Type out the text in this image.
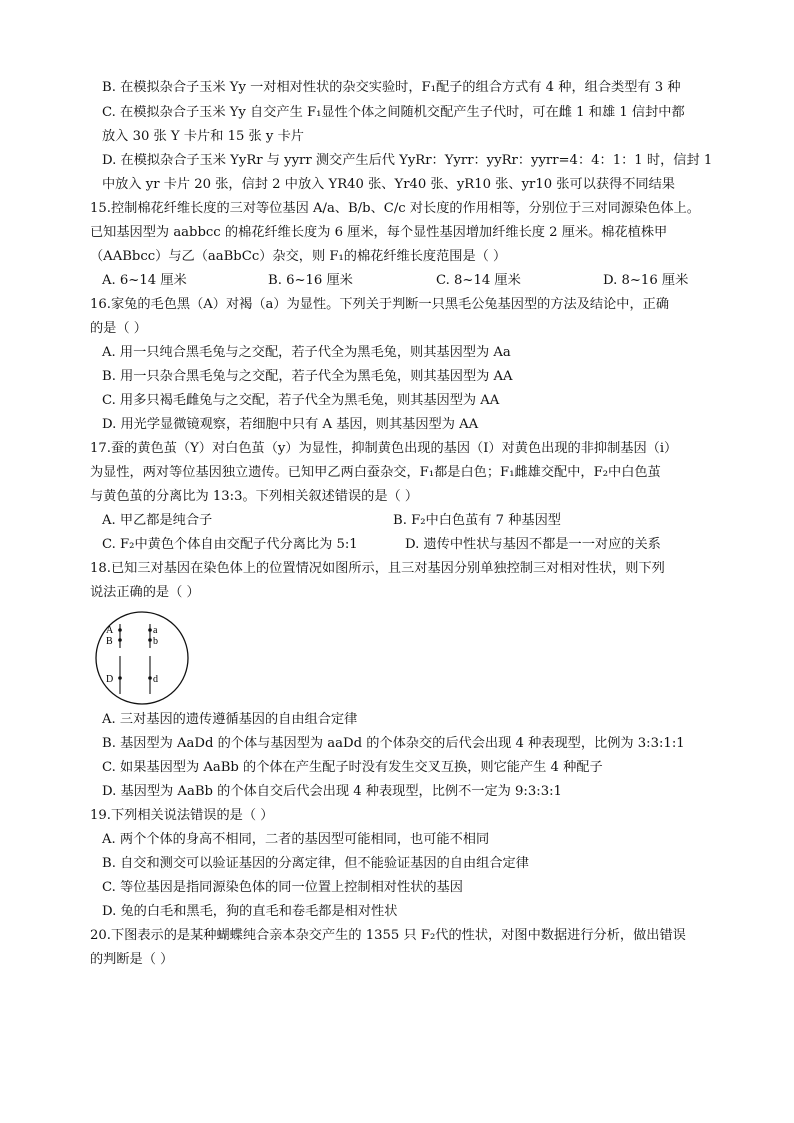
B. 在模拟杂合子玉米 Yy 一对相对性状的杂交实验时，F₁配子的组合方式有 4 种，组合类型有 3 种
C. 在模拟杂合子玉米 Yy 自交产生 F₁显性个体之间随机交配产生子代时，可在雌 1 和雄 1 信封中都
放入 30 张 Y 卡片和 15 张 y 卡片
D. 在模拟杂合子玉米 YyRr 与 yyrr 测交产生后代 YyRr：Yyrr：yyRr：yyrr=4：4：1：1 时，信封 1
中放入 yr 卡片 20 张，信封 2 中放入 YR40 张、Yr40 张、yR10 张、yr10 张可以获得不同结果
15.控制棉花纤维长度的三对等位基因 A/a、B/b、C/c 对长度的作用相等，分别位于三对同源染色体上。
已知基因型为 aabbcc 的棉花纤维长度为 6 厘米，每个显性基因增加纤维长度 2 厘米。棉花植株甲
（AABbcc）与乙（aaBbCc）杂交，则 F₁的棉花纤维长度范围是（ ）
A. 6~14 厘米	B. 6~16 厘米	C. 8~14 厘米	D. 8~16 厘米
16.家兔的毛色黑（A）对褐（a）为显性。下列关于判断一只黑毛公兔基因型的方法及结论中，正确
的是（ ）
A. 用一只纯合黑毛兔与之交配，若子代全为黑毛兔，则其基因型为 Aa
B. 用一只杂合黑毛兔与之交配，若子代全为黑毛兔，则其基因型为 AA
C. 用多只褐毛雌兔与之交配，若子代全为黑毛兔，则其基因型为 AA
D. 用光学显微镜观察，若细胞中只有 A 基因，则其基因型为 AA
17.蚕的黄色茧（Y）对白色茧（y）为显性，抑制黄色出现的基因（I）对黄色出现的非抑制基因（i）
为显性，两对等位基因独立遗传。已知甲乙两白蚕杂交，F₁都是白色；F₁雌雄交配中，F₂中白色茧
与黄色茧的分离比为 13:3。下列相关叙述错误的是（ ）
A. 甲乙都是纯合子	B. F₂中白色茧有 7 种基因型
C. F₂中黄色个体自由交配子代分离比为 5:1	D. 遗传中性状与基因不都是一一对应的关系
18.已知三对基因在染色体上的位置情况如图所示，且三对基因分别单独控制三对相对性状，则下列
说法正确的是（ ）
A
B
D
a
b
d
A. 三对基因的遗传遵循基因的自由组合定律
B. 基因型为 AaDd 的个体与基因型为 aaDd 的个体杂交的后代会出现 4 种表现型，比例为 3:3:1:1
C. 如果基因型为 AaBb 的个体在产生配子时没有发生交叉互换，则它能产生 4 种配子
D. 基因型为 AaBb 的个体自交后代会出现 4 种表现型，比例不一定为 9:3:3:1
19.下列相关说法错误的是（ ）
A. 两个个体的身高不相同，二者的基因型可能相同，也可能不相同
B. 自交和测交可以验证基因的分离定律，但不能验证基因的自由组合定律
C. 等位基因是指同源染色体的同一位置上控制相对性状的基因
D. 兔的白毛和黑毛，狗的直毛和卷毛都是相对性状
20.下图表示的是某种蝴蝶纯合亲本杂交产生的 1355 只 F₂代的性状，对图中数据进行分析，做出错误
的判断是（ ）
